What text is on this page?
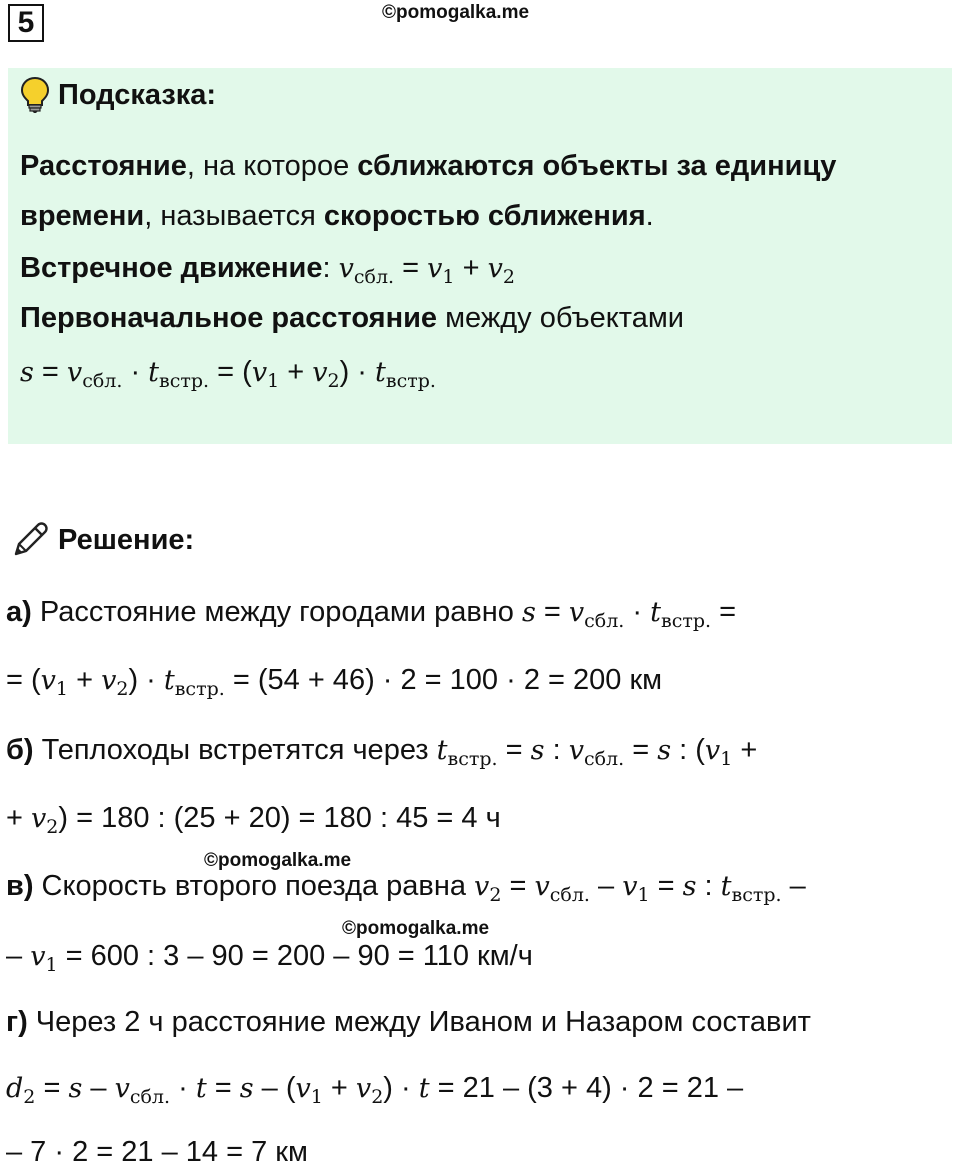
5	©pomogalka.me
Подсказка:
Расстояние, на которое сближаются объекты за единицу
времени, называется скоростью сближения.
Встречное движение: $v_{сбл.} = v_1 + v_2$
Первоначальное расстояние между объектами
$s = v_{сбл.} \cdot t_{встр.} = (v_1 + v_2) \cdot t_{встр.}$
Решение:
а) Расстояние между городами равно $s = v_{сбл.} \cdot t_{встр.}$ =
= $(v_1 + v_2) \cdot t_{встр.} = (54 + 46) \cdot 2 = 100 \cdot 2 = 200$ км
б) Теплоходы встретятся через $t_{встр.} = s$ : $v_{сбл.} = s$ : ($v_1$ +
+ $v_2) = 180$ : (25 + 20) = 180 : 45 = 4 ч
©pomogalka.me
в) Скорость второго поезда равна $v_2 = v_{сбл.} - v_1 = s$ : $t_{встр.}$ –
©pomogalka.me
– $v_1 = 600$ : 3 – 90 = 200 – 90 = 110 км/ч
г) Через 2 ч расстояние между Иваном и Назаром составит
$d_2 = s - v_{сбл.} \cdot t = s - (v_1 + v_2) \cdot t = 21 - (3 + 4) \cdot 2 = 21$ –
– 7 · 2 = 21 – 14 = 7 км
